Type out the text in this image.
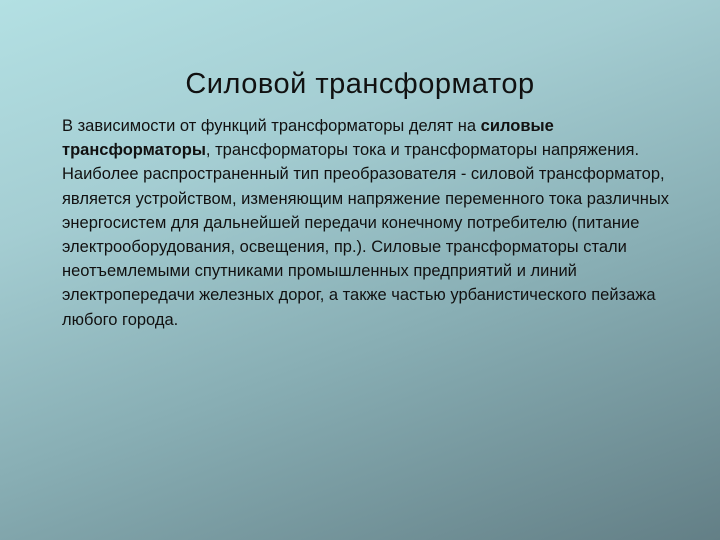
Силовой трансформатор

В зависимости от функций трансформаторы делят на силовые трансформаторы, трансформаторы тока и трансформаторы напряжения. Наиболее распространенный тип преобразователя - силовой трансформатор, является устройством, изменяющим напряжение переменного тока различных энергосистем для дальнейшей передачи конечному потребителю (питание электрооборудования, освещения, пр.). Силовые трансформаторы стали неотъемлемыми спутниками промышленных предприятий и линий электропередачи железных дорог, а также частью урбанистического пейзажа любого города.
